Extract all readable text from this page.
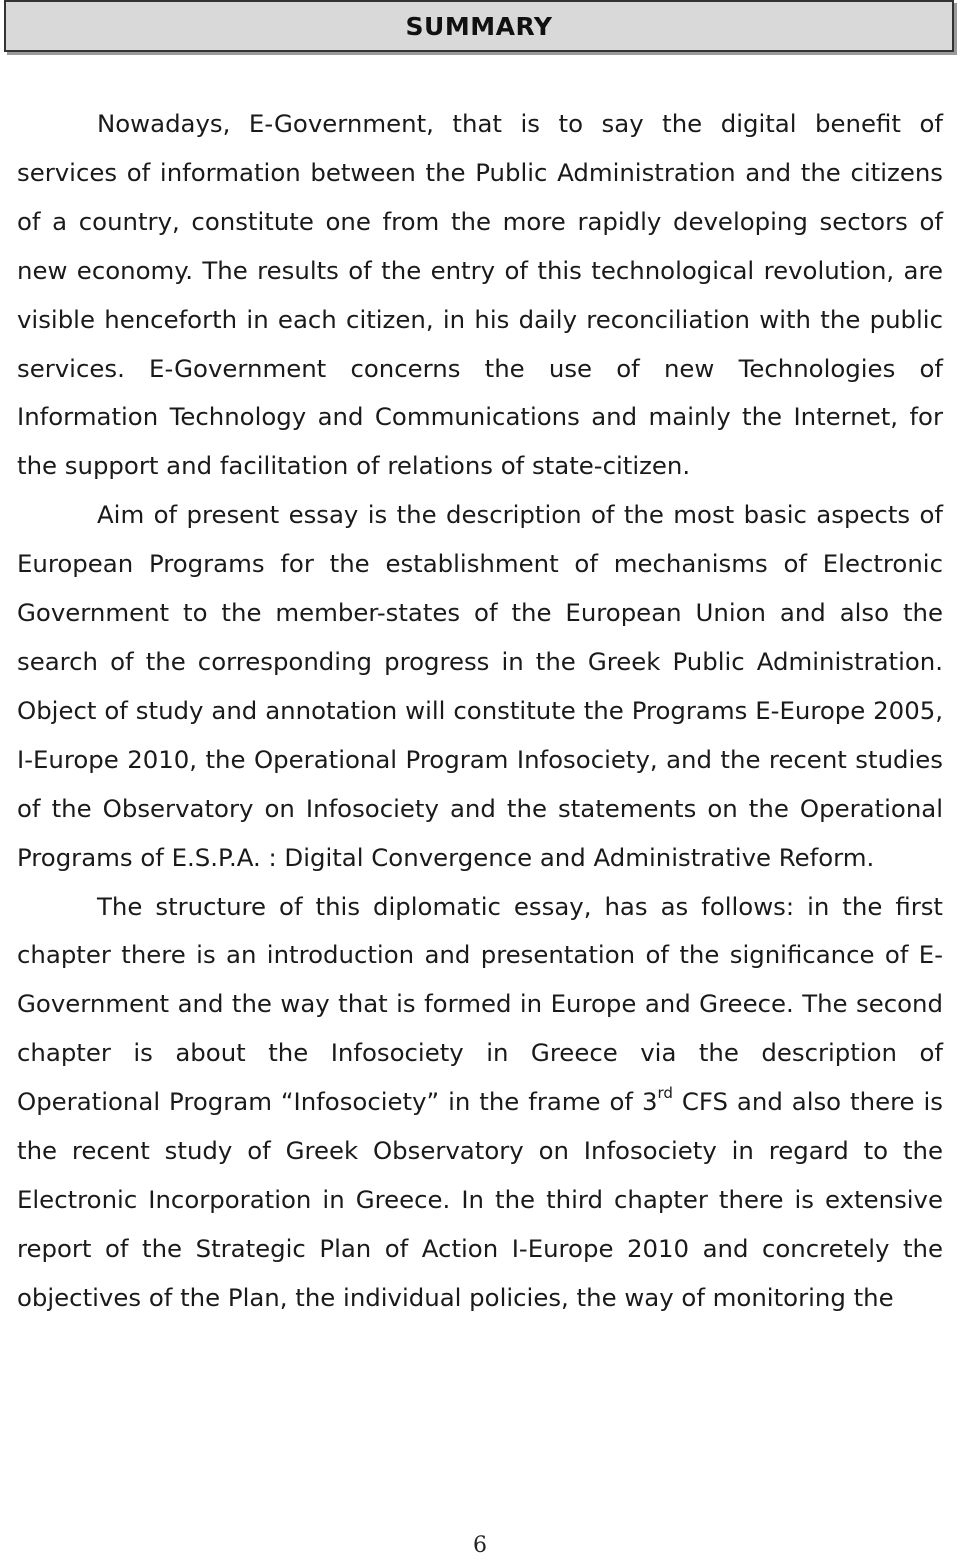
SUMMARY

Nowadays, E-Government, that is to say the digital benefit of services of information between the Public Administration and the citizens of a country, constitute one from the more rapidly developing sectors of new economy. The results of the entry of this technological revolution, are visible henceforth in each citizen, in his daily reconciliation with the public services. E-Government concerns the use of new Technologies of Information Technology and Communications and mainly the Internet, for the support and facilitation of relations of state-citizen.

Aim of present essay is the description of the most basic aspects of European Programs for the establishment of mechanisms of Electronic Government to the member-states of the European Union and also the search of the corresponding progress in the Greek Public Administration. Object of study and annotation will constitute the Programs E-Europe 2005, I-Europe 2010, the Operational Program Infosociety, and the recent studies of the Observatory on Infosociety and the statements on the Operational Programs of E.S.P.A. : Digital Convergence and Administrative Reform.

The structure of this diplomatic essay, has as follows: in the first chapter there is an introduction and presentation of the significance of E-Government and the way that is formed in Europe and Greece. The second chapter is about the Infosociety in Greece via the description of Operational Program “Infosociety” in the frame of 3rd CFS and also there is the recent study of Greek Observatory on Infosociety in regard to the Electronic Incorporation in Greece. In the third chapter there is extensive report of the Strategic Plan of Action I-Europe 2010 and concretely the objectives of the Plan, the individual policies, the way of monitoring the

6
